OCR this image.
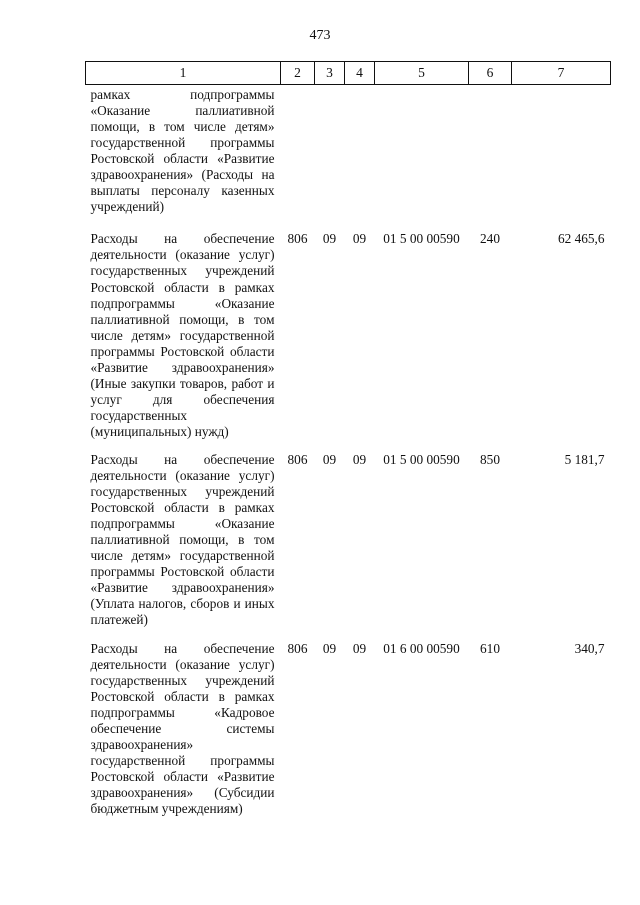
473
1	2	3	4	5	6	7
рамках подпрограммы «Оказание паллиативной помощи, в том числе детям» государственной программы Ростовской области «Развитие здравоохранения» (Расходы на выплаты персоналу казенных учреждений)						
Расходы на обеспечение деятельности (оказание услуг) государственных учреждений Ростовской области в рамках подпрограммы «Оказание паллиативной помощи, в том числе детям» государственной программы Ростовской области «Развитие здравоохранения» (Иные закупки товаров, работ и услуг для обеспечения государственных (муниципальных) нужд)	806	09	09	01 5 00 00590	240	62 465,6
Расходы на обеспечение деятельности (оказание услуг) государственных учреждений Ростовской области в рамках подпрограммы «Оказание паллиативной помощи, в том числе детям» государственной программы Ростовской области «Развитие здравоохранения» (Уплата налогов, сборов и иных платежей)	806	09	09	01 5 00 00590	850	5 181,7
Расходы на обеспечение деятельности (оказание услуг) государственных учреждений Ростовской области в рамках подпрограммы «Кадровое обеспечение системы здравоохранения» государственной программы Ростовской области «Развитие здравоохранения» (Субсидии бюджетным учреждениям)	806	09	09	01 6 00 00590	610	340,7
